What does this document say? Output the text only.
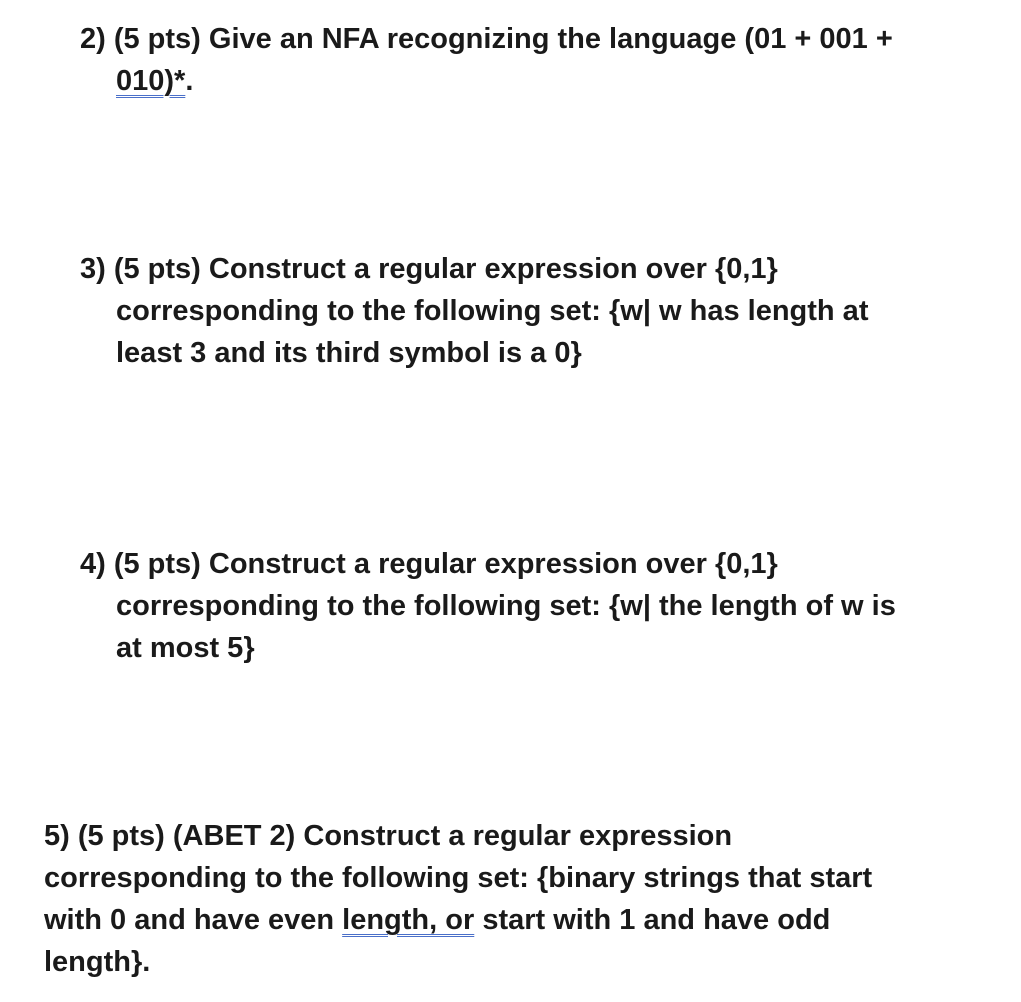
2) (5 pts) Give an NFA recognizing the language (01 + 001 +
010)*.
3) (5 pts) Construct a regular expression over {0,1}
corresponding to the following set: {w| w has length at
least 3 and its third symbol is a 0}
4) (5 pts) Construct a regular expression over {0,1}
corresponding to the following set: {w| the length of w is
at most 5}
5) (5 pts) (ABET 2) Construct a regular expression
corresponding to the following set: {binary strings that start
with 0 and have even length, or start with 1 and have odd
length}.
